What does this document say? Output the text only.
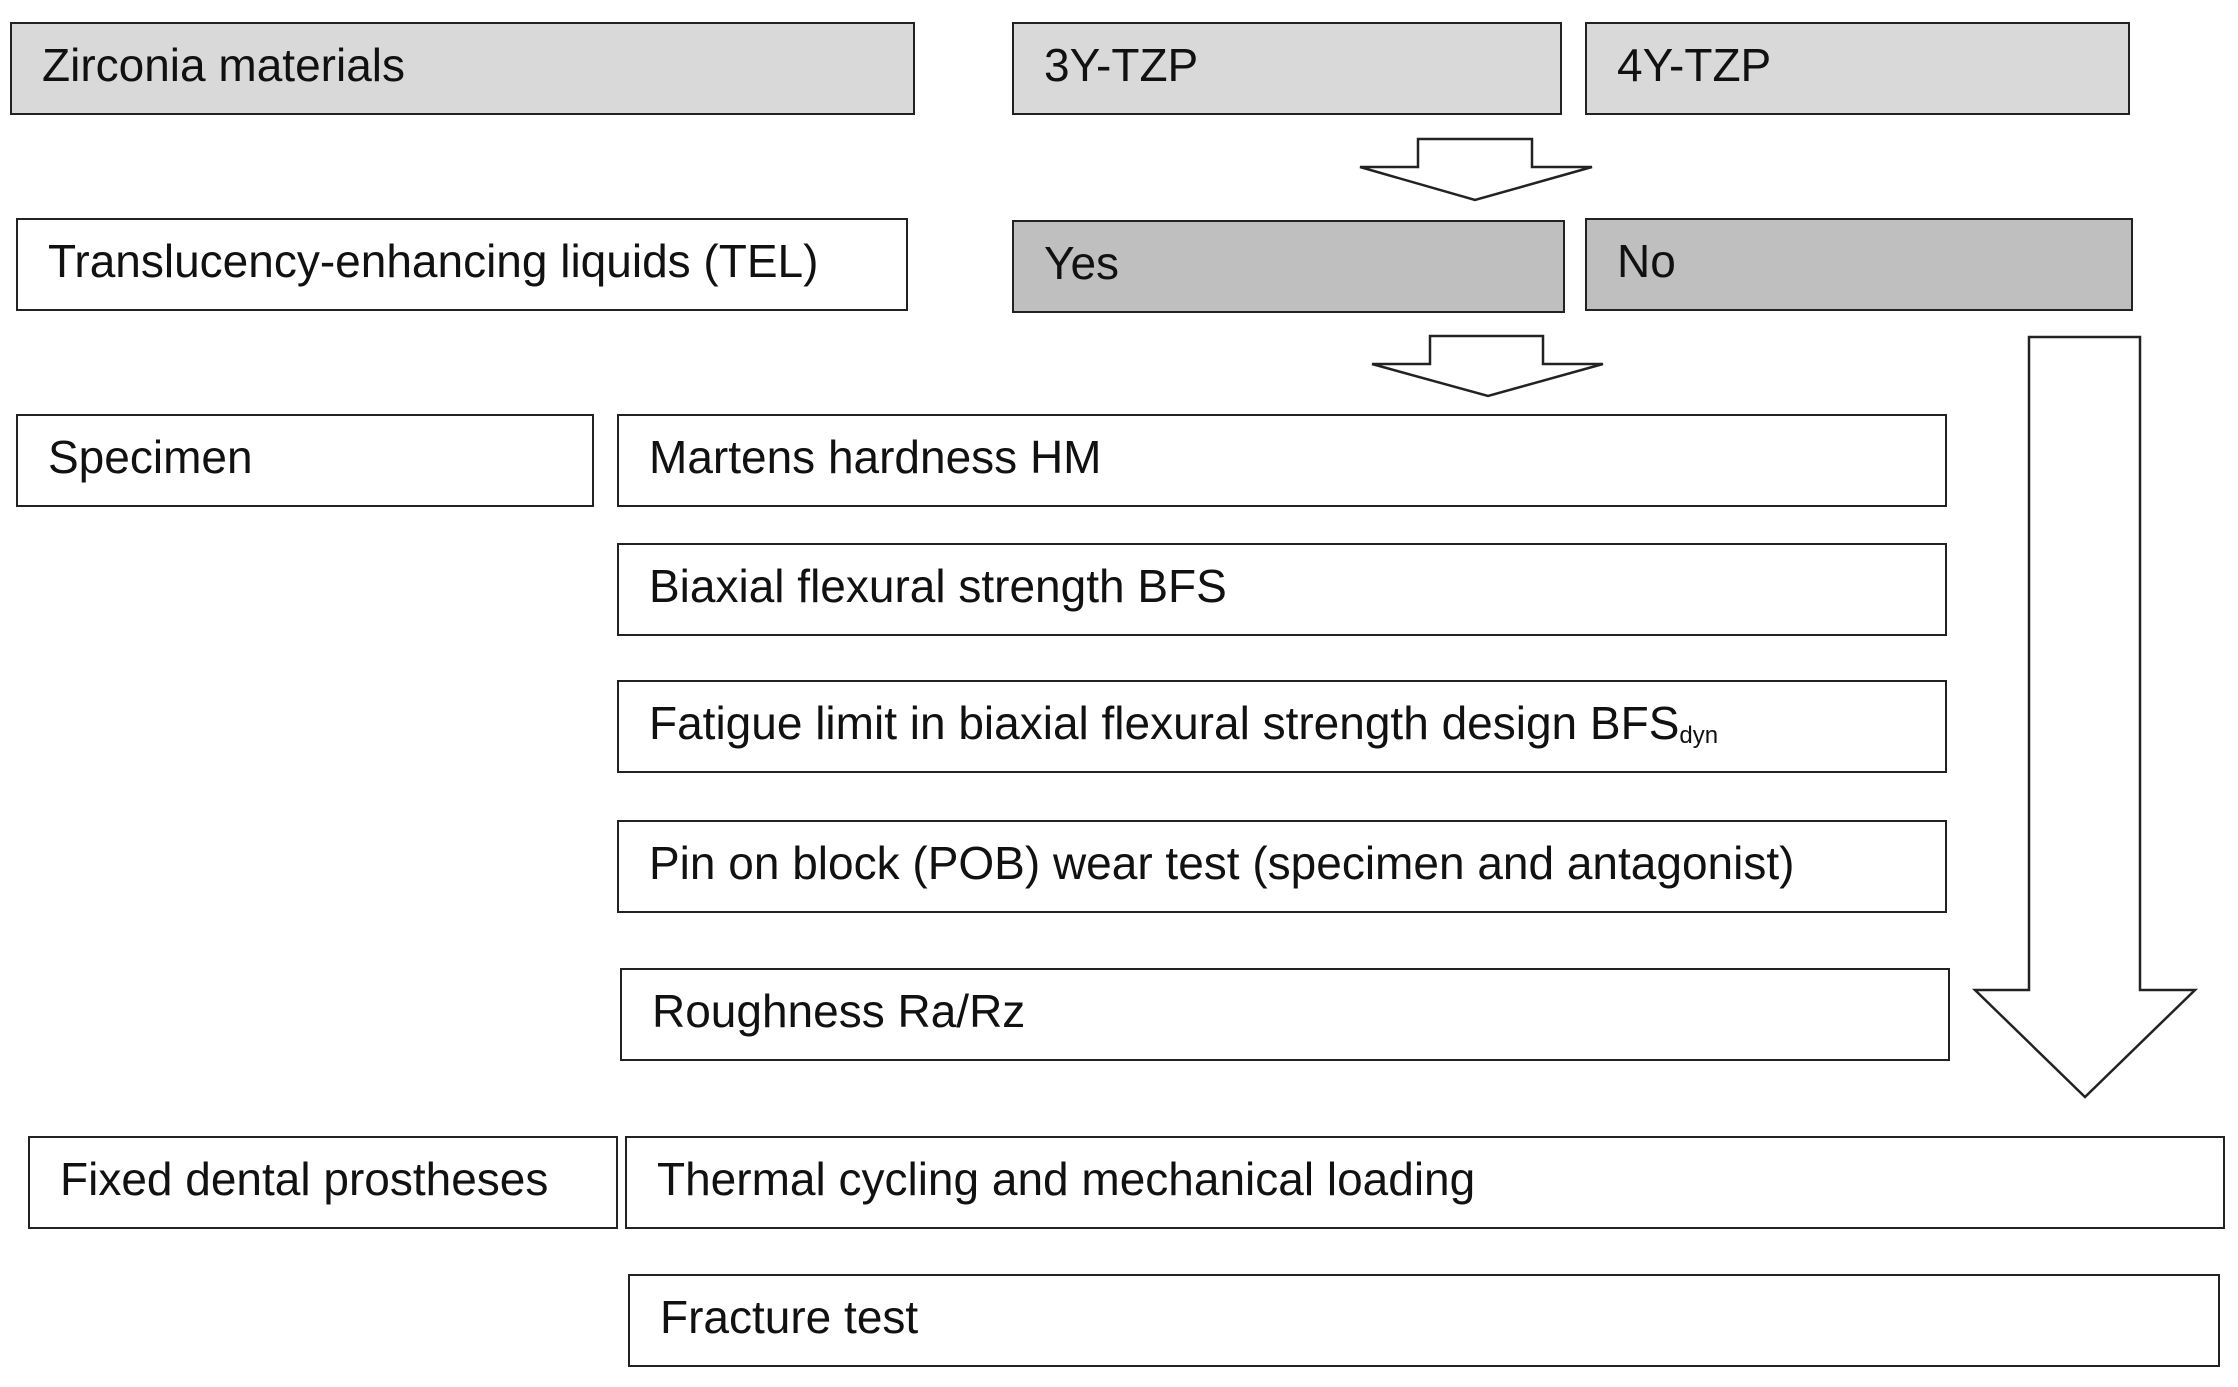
Zirconia materials	3Y-TZP	4Y-TZP
Translucency-enhancing liquids (TEL)	Yes	No
Specimen	Martens hardness HM
Biaxial flexural strength BFS
Fatigue limit in biaxial flexural strength design BFSdyn
Pin on block (POB) wear test (specimen and antagonist)
Roughness Ra/Rz
Fixed dental prostheses	Thermal cycling and mechanical loading
Fracture test
